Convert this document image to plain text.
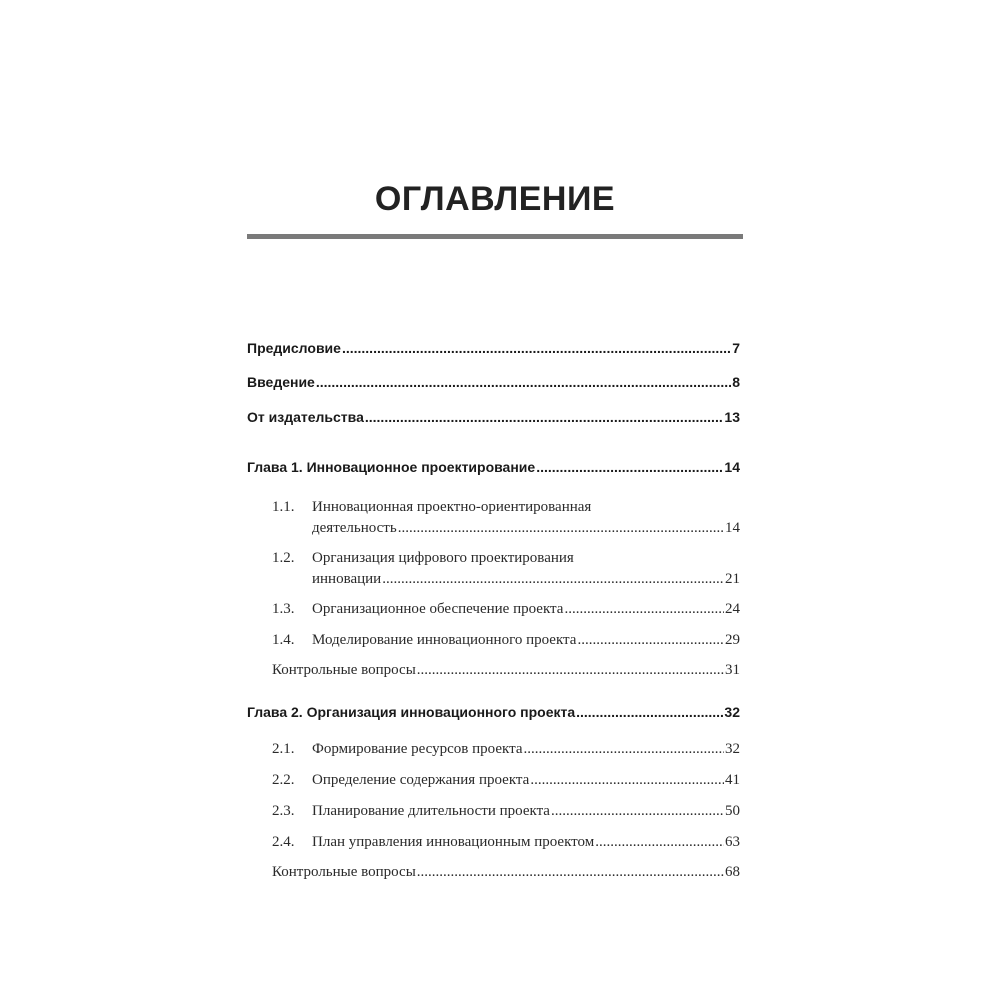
ОГЛАВЛЕНИЕ
Предисловие .....	7
Введение .....	8
От издательства .....	13
Глава 1. Инновационное проектирование .....	14
1.1.	Инновационная проектно-ориентированная
деятельность .....	14
1.2.	Организация цифрового проектирования
инновации .....	21
1.3.	Организационное обеспечение проекта .....	24
1.4.	Моделирование инновационного проекта .....	29
Контрольные вопросы .....	31
Глава 2. Организация инновационного проекта .....	32
2.1.	Формирование ресурсов проекта .....	32
2.2.	Определение содержания проекта .....	41
2.3.	Планирование длительности проекта .....	50
2.4.	План управления инновационным проектом .....	63
Контрольные вопросы .....	68
